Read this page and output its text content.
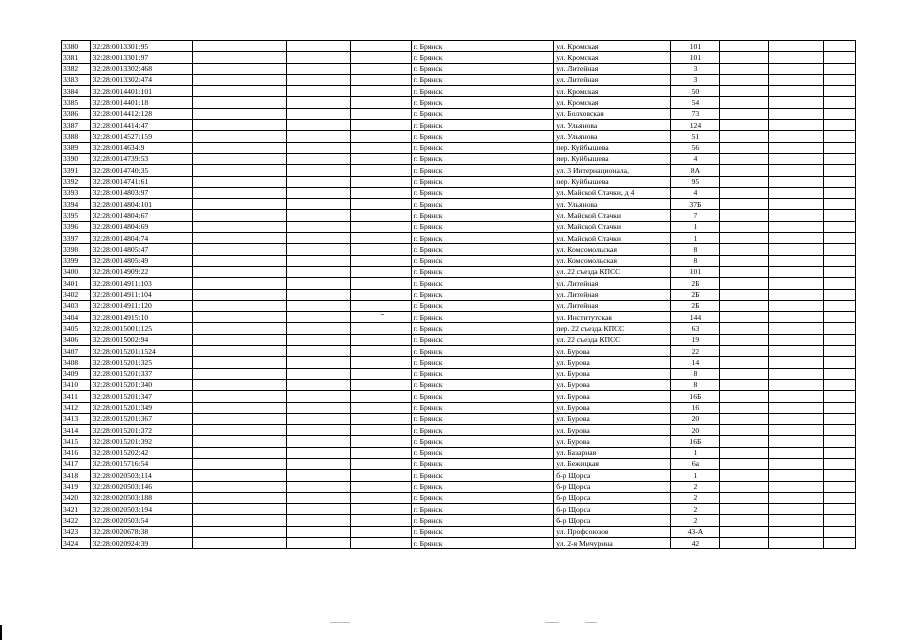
3380	32:28:0013301:95				г. Брянск	ул. Кромская	101			
3381	32:28:0013301:97				г. Брянск	ул. Кромская	101			
3382	32:28:0013302:468				г. Брянск	ул. Литейная	3			
3383	32:28:0013302:474				г. Брянск	ул. Литейная	3			
3384	32:28:0014401:101				г. Брянск	ул. Кромская	50			
3385	32:28:0014401:18				г. Брянск	ул. Кромская	54			
3386	32:28:0014412:128				г. Брянск	ул. Болховская	73			
3387	32:28:0014414:47				г. Брянск	ул. Ульянова	124			
3388	32:28:0014527:159				г. Брянск	ул. Ульянова	51			
3389	32:28:0014634:9				г. Брянск	пер. Куйбышева	56			
3390	32:28:0014739:53				г. Брянск	пер. Куйбышева	4			
3391	32:28:0014740:35				г. Брянск	ул. 3 Интернационала,	8А			
3392	32:28:0014741:61				г. Брянск	пер. Куйбышева	95			
3393	32:28:0014803:97				г. Брянск	ул. Майской Стачки, д 4	4			
3394	32:28:0014804:101				г. Брянск	ул. Ульянова	37Б			
3395	32:28:0014804:67				г. Брянск	ул. Майской Стачки	7			
3396	32:28:0014804:69				г. Брянск	ул. Майской Стачки	1			
3397	32:28:0014804:74				г. Брянск	ул. Майской Стачки	1			
3398	32:28:0014805:47				г. Брянск	ул. Комсомольская	8			
3399	32:28:0014805:49				г. Брянск	ул. Комсомольская	8			
3400	32:28:0014909:22				г. Брянск	ул. 22 съезда КПСС	101			
3401	32:28:0014911:103				г. Брянск	ул. Литейная	2Б			
3402	32:28:0014911:104				г. Брянск	ул. Литейная	2Б			
3403	32:28:0014911:120				г. Брянск	ул. Литейная	2Б			
3404	32:28:0014915:10				г. Брянск	ул. Институтская	144			
3405	32:28:0015001:125				г. Брянск	пер. 22 съезда КПСС	63			
3406	32:28:0015002:94				г. Брянск	ул. 22 съезда КПСС	19			
3407	32:28:0015201:1524				г. Брянск	ул. Бурова	22			
3408	32:28:0015201:325				г. Брянск	ул. Бурова	14			
3409	32:28:0015201:337				г. Брянск	ул. Бурова	8			
3410	32:28:0015201:340				г. Брянск	ул. Бурова	8			
3411	32:28:0015201:347				г. Брянск	ул. Бурова	16Б			
3412	32:28:0015201:349				г. Брянск	ул. Бурова	16			
3413	32:28:0015201:367				г. Брянск	ул. Бурова	20			
3414	32:28:0015201:372				г. Брянск	ул. Бурова	20			
3415	32:28:0015201:392				г. Брянск	ул. Бурова	16Б			
3416	32:28:0015202:42				г. Брянск	ул. Базарная	1			
3417	32:28:0015716:54				г. Брянск	ул. Бежицкая	6а			
3418	32:28:0020503:114				г. Брянск	б-р Щорса	1			
3419	32:28:0020503:146				г. Брянск	б-р Щорса	2			
3420	32:28:0020503:188				г. Брянск	б-р Щорса	2			
3421	32:28:0020503:194				г. Брянск	б-р Щорса	2			
3422	32:28:0020503:54				г. Брянск	б-р Щорса	2			
3423	32:28:0020678:38				г. Брянск	ул. Профсоюзов	43-А			
3424	32:28:0020924:39				г. Брянск	ул. 2-я Мичурина	42			
